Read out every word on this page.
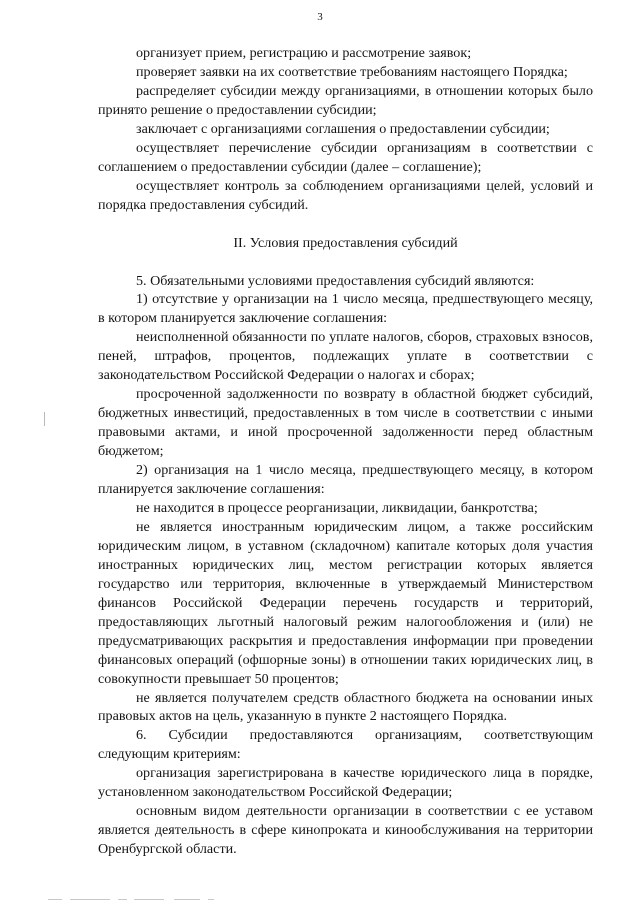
3

организует прием, регистрацию и рассмотрение заявок;

проверяет заявки на их соответствие требованиям настоящего Порядка;

распределяет субсидии между организациями, в отношении которых было принято решение о предоставлении субсидии;

заключает с организациями соглашения о предоставлении субсидии;

осуществляет перечисление субсидии организациям в соответствии с соглашением о предоставлении субсидии (далее – соглашение);

осуществляет контроль за соблюдением организациями целей, условий и порядка предоставления субсидий.

II. Условия предоставления субсидий

5. Обязательными условиями предоставления субсидий являются:

1) отсутствие у организации на 1 число месяца, предшествующего месяцу, в котором планируется заключение соглашения:

неисполненной обязанности по уплате налогов, сборов, страховых взносов, пеней, штрафов, процентов, подлежащих уплате в соответствии с законодательством Российской Федерации о налогах и сборах;

просроченной задолженности по возврату в областной бюджет субсидий, бюджетных инвестиций, предоставленных в том числе в соответствии с иными правовыми актами, и иной просроченной задолженности перед областным бюджетом;

2) организация на 1 число месяца, предшествующего месяцу, в котором планируется заключение соглашения:

не находится в процессе реорганизации, ликвидации, банкротства;

не является иностранным юридическим лицом, а также российским юридическим лицом, в уставном (складочном) капитале которых доля участия иностранных юридических лиц, местом регистрации которых является государство или территория, включенные в утверждаемый Министерством финансов Российской Федерации перечень государств и территорий, предоставляющих льготный налоговый режим налогообложения и (или) не предусматривающих раскрытия и предоставления информации при проведении финансовых операций (офшорные зоны) в отношении таких юридических лиц, в совокупности превышает 50 процентов;

не является получателем средств областного бюджета на основании иных правовых актов на цель, указанную в пункте 2 настоящего Порядка.

6. Субсидии предоставляются организациям, соответствующим следующим критериям:

организация зарегистрирована в качестве юридического лица в порядке, установленном законодательством Российской Федерации;

основным видом деятельности организации в соответствии с ее уставом является деятельность в сфере кинопроката и кинообслуживания на территории Оренбургской области.
